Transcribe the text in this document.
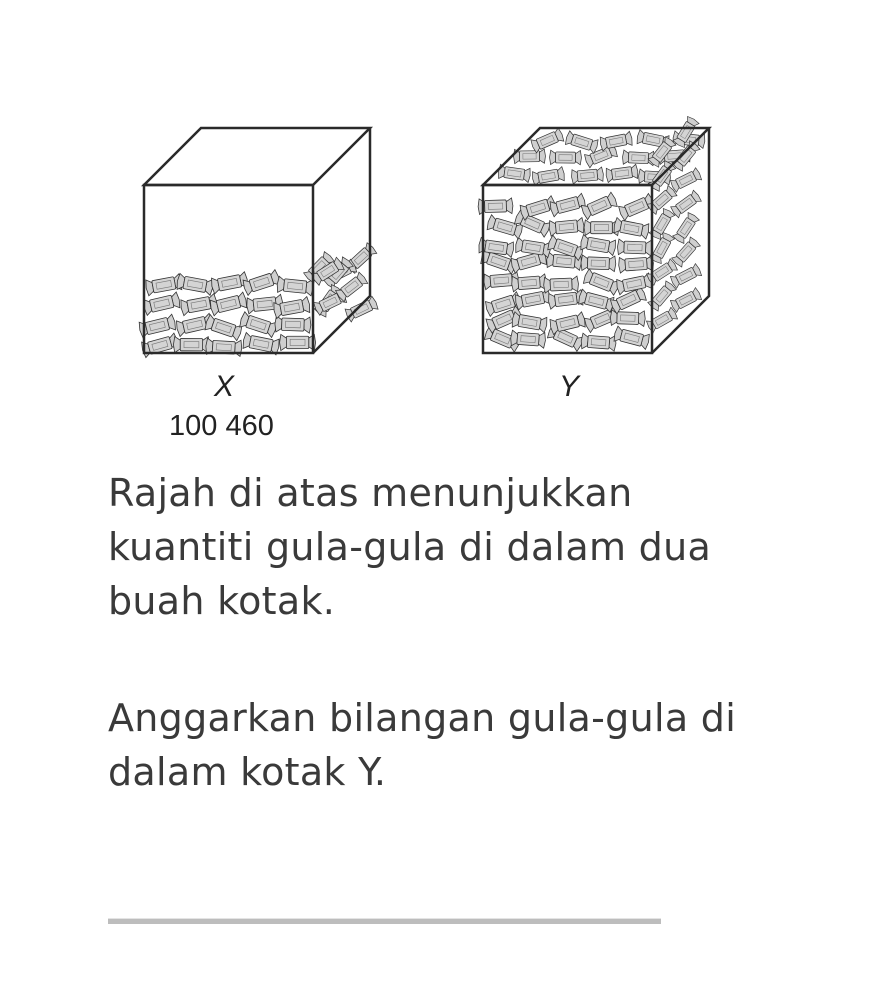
X
100 460
Y

Rajah di atas menunjukkan kuantiti gula-gula di dalam dua buah kotak.

Anggarkan bilangan gula-gula di dalam kotak Y.
